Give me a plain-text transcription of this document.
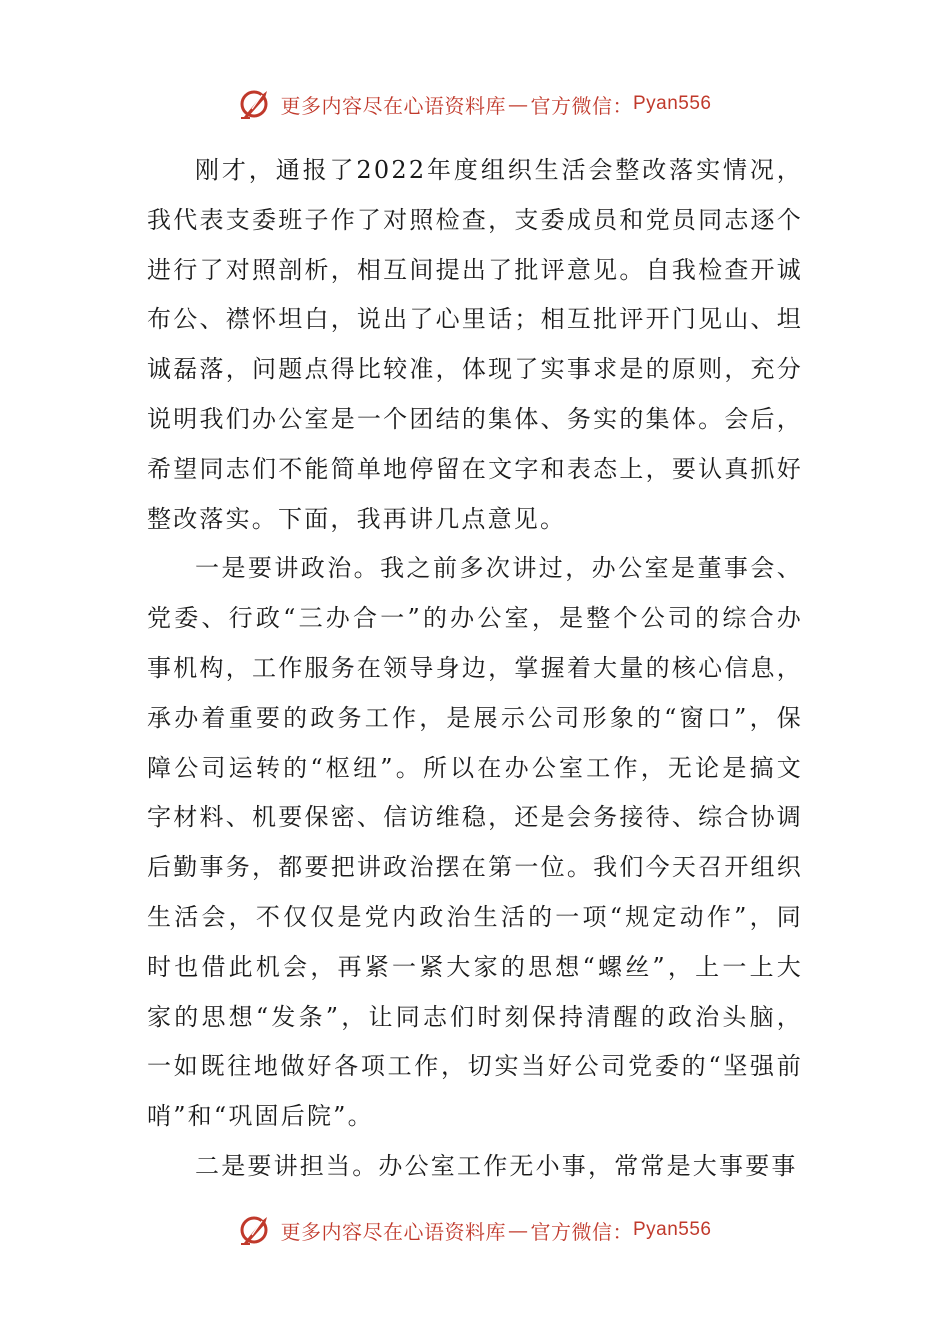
更多内容尽在心语资料库 — 官方微信： Pyan556

刚才，通报了2022年度组织生活会整改落实情况，我代表支委班子作了对照检查，支委成员和党员同志逐个进行了对照剖析，相互间提出了批评意见。自我检查开诚布公、襟怀坦白，说出了心里话；相互批评开门见山、坦诚磊落，问题点得比较准，体现了实事求是的原则，充分说明我们办公室是一个团结的集体、务实的集体。会后，希望同志们不能简单地停留在文字和表态上，要认真抓好整改落实。下面，我再讲几点意见。

一是要讲政治。我之前多次讲过，办公室是董事会、党委、行政“三办合一”的办公室，是整个公司的综合办事机构，工作服务在领导身边，掌握着大量的核心信息，承办着重要的政务工作，是展示公司形象的“窗口”，保障公司运转的“枢纽”。所以在办公室工作，无论是搞文字材料、机要保密、信访维稳，还是会务接待、综合协调后勤事务，都要把讲政治摆在第一位。我们今天召开组织生活会，不仅仅是党内政治生活的一项“规定动作”，同时也借此机会，再紧一紧大家的思想“螺丝”，上一上大家的思想“发条”，让同志们时刻保持清醒的政治头脑，一如既往地做好各项工作，切实当好公司党委的“坚强前哨”和“巩固后院”。

二是要讲担当。办公室工作无小事，常常是大事要事

更多内容尽在心语资料库 — 官方微信： Pyan556
